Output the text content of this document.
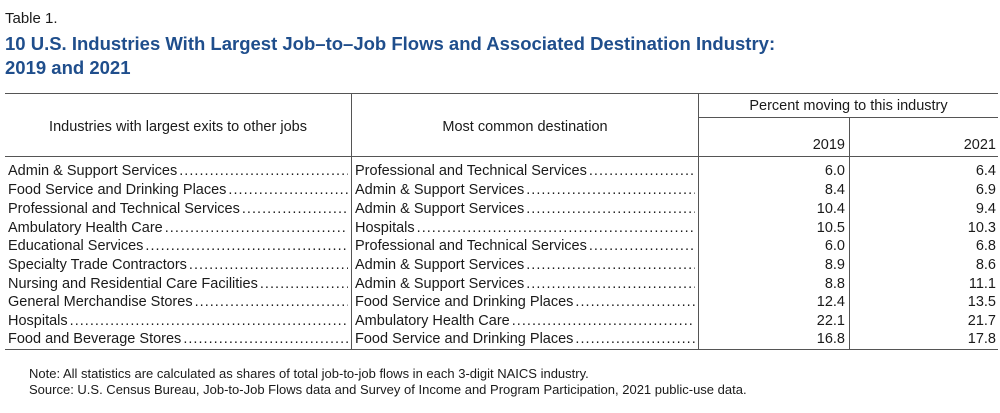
Table 1.
10 U.S. Industries With Largest Job–to–Job Flows and Associated Destination Industry:
2019 and 2021
Industries with largest exits to other jobs	Most common destination
Percent moving to this industry
2019	2021
Admin & Support Services . . .	Professional and Technical Services . . .	6.0	6.4
Food Service and Drinking Places . . .	Admin & Support Services . . .	8.4	6.9
Professional and Technical Services . . .	Admin & Support Services . . .	10.4	9.4
Ambulatory Health Care . . .	Hospitals . . .	10.5	10.3
Educational Services . . .	Professional and Technical Services . . .	6.0	6.8
Specialty Trade Contractors . . .	Admin & Support Services . . .	8.9	8.6
Nursing and Residential Care Facilities . . .	Admin & Support Services . . .	8.8	11.1
General Merchandise Stores . . .	Food Service and Drinking Places . . .	12.4	13.5
Hospitals . . .	Ambulatory Health Care . . .	22.1	21.7
Food and Beverage Stores . . .	Food Service and Drinking Places . . .	16.8	17.8
Note: All statistics are calculated as shares of total job-to-job flows in each 3-digit NAICS industry.
Source: U.S. Census Bureau, Job-to-Job Flows data and Survey of Income and Program Participation, 2021 public-use data.
